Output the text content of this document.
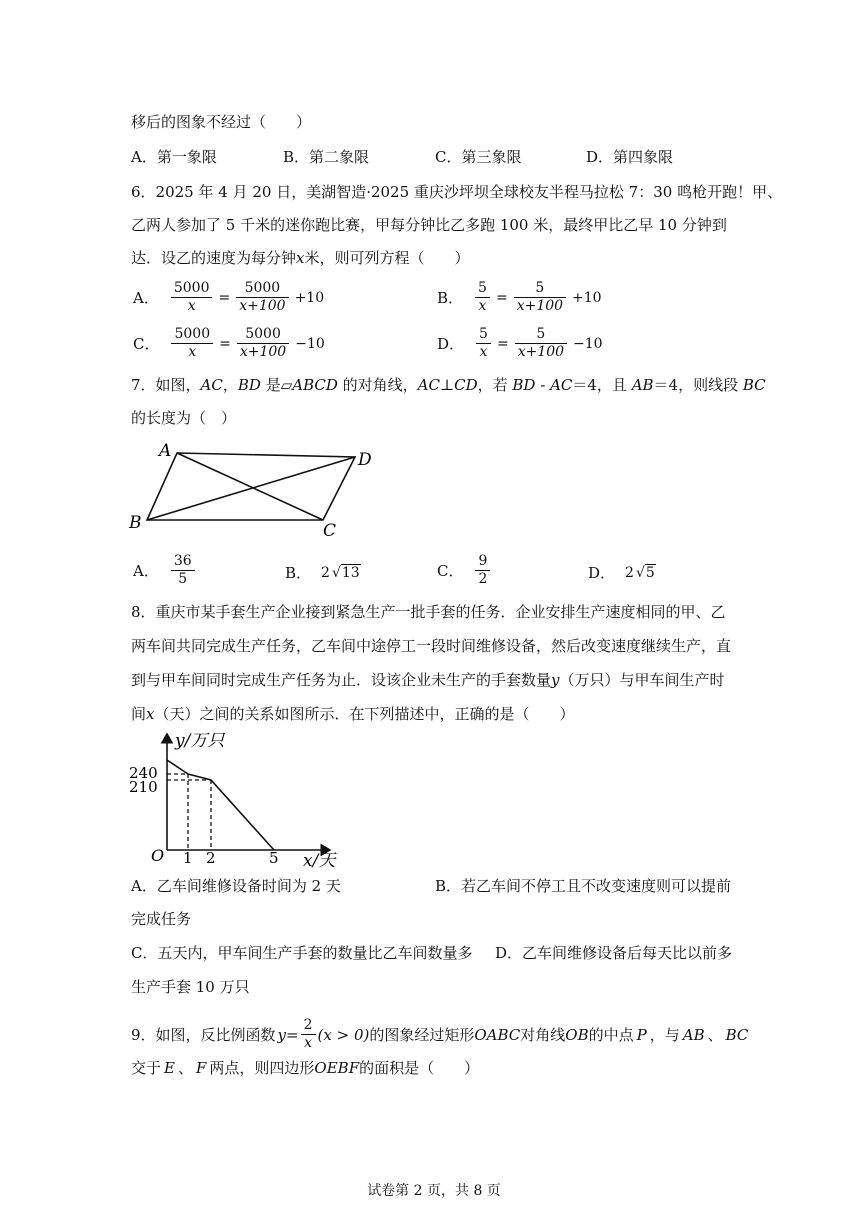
移后的图象不经过（　　）
A．第一象限	B．第二象限	C．第三象限	D．第四象限
6．2025 年 4 月 20 日，美湖智造·2025 重庆沙坪坝全球校友半程马拉松 7：30 鸣枪开跑！甲、
乙两人参加了 5 千米的迷你跑比赛，甲每分钟比乙多跑 100 米，最终甲比乙早 10 分钟到
达．设乙的速度为每分钟x米，则可列方程（　　）
A． $\frac{5000}{x} = \frac{5000}{x+100} +10$	B． $\frac{5}{x} = \frac{5}{x+100} +10$
C． $\frac{5000}{x} = \frac{5000}{x+100} -10$	D． $\frac{5}{x} = \frac{5}{x+100} -10$
7．如图，AC，BD 是▱ABCD 的对角线，AC⊥CD，若 BD - AC＝4，且 AB＝4，则线段 BC
的长度为（　）
A	D
B	C
A． $\frac{36}{5}$	B． 2 √ 13	C． $\frac{9}{2}$	D． 2 √ 5
8．重庆市某手套生产企业接到紧急生产一批手套的任务．企业安排生产速度相同的甲、乙
两车间共同完成生产任务，乙车间中途停工一段时间维修设备，然后改变速度继续生产，直
到与甲车间同时完成生产任务为止．设该企业未生产的手套数量y（万只）与甲车间生产时
间x（天）之间的关系如图所示．在下列描述中，正确的是（　　）
y/万只
240
210
O 1 2	5 x/天
A．乙车间维修设备时间为 2 天	B．若乙车间不停工且不改变速度则可以提前
完成任务
C．五天内，甲车间生产手套的数量比乙车间数量多 D．乙车间维修设备后每天比以前多
生产手套 10 万只
9．如图，反比例函数 $y = \frac{2}{x} (x > 0)$ 的图象经过矩形 OABC 对角线 OB 的中点 P ，与 AB 、 BC
交于 E 、 F 两点，则四边形OEBF的面积是（　　）
试卷第 2 页，共 8 页
